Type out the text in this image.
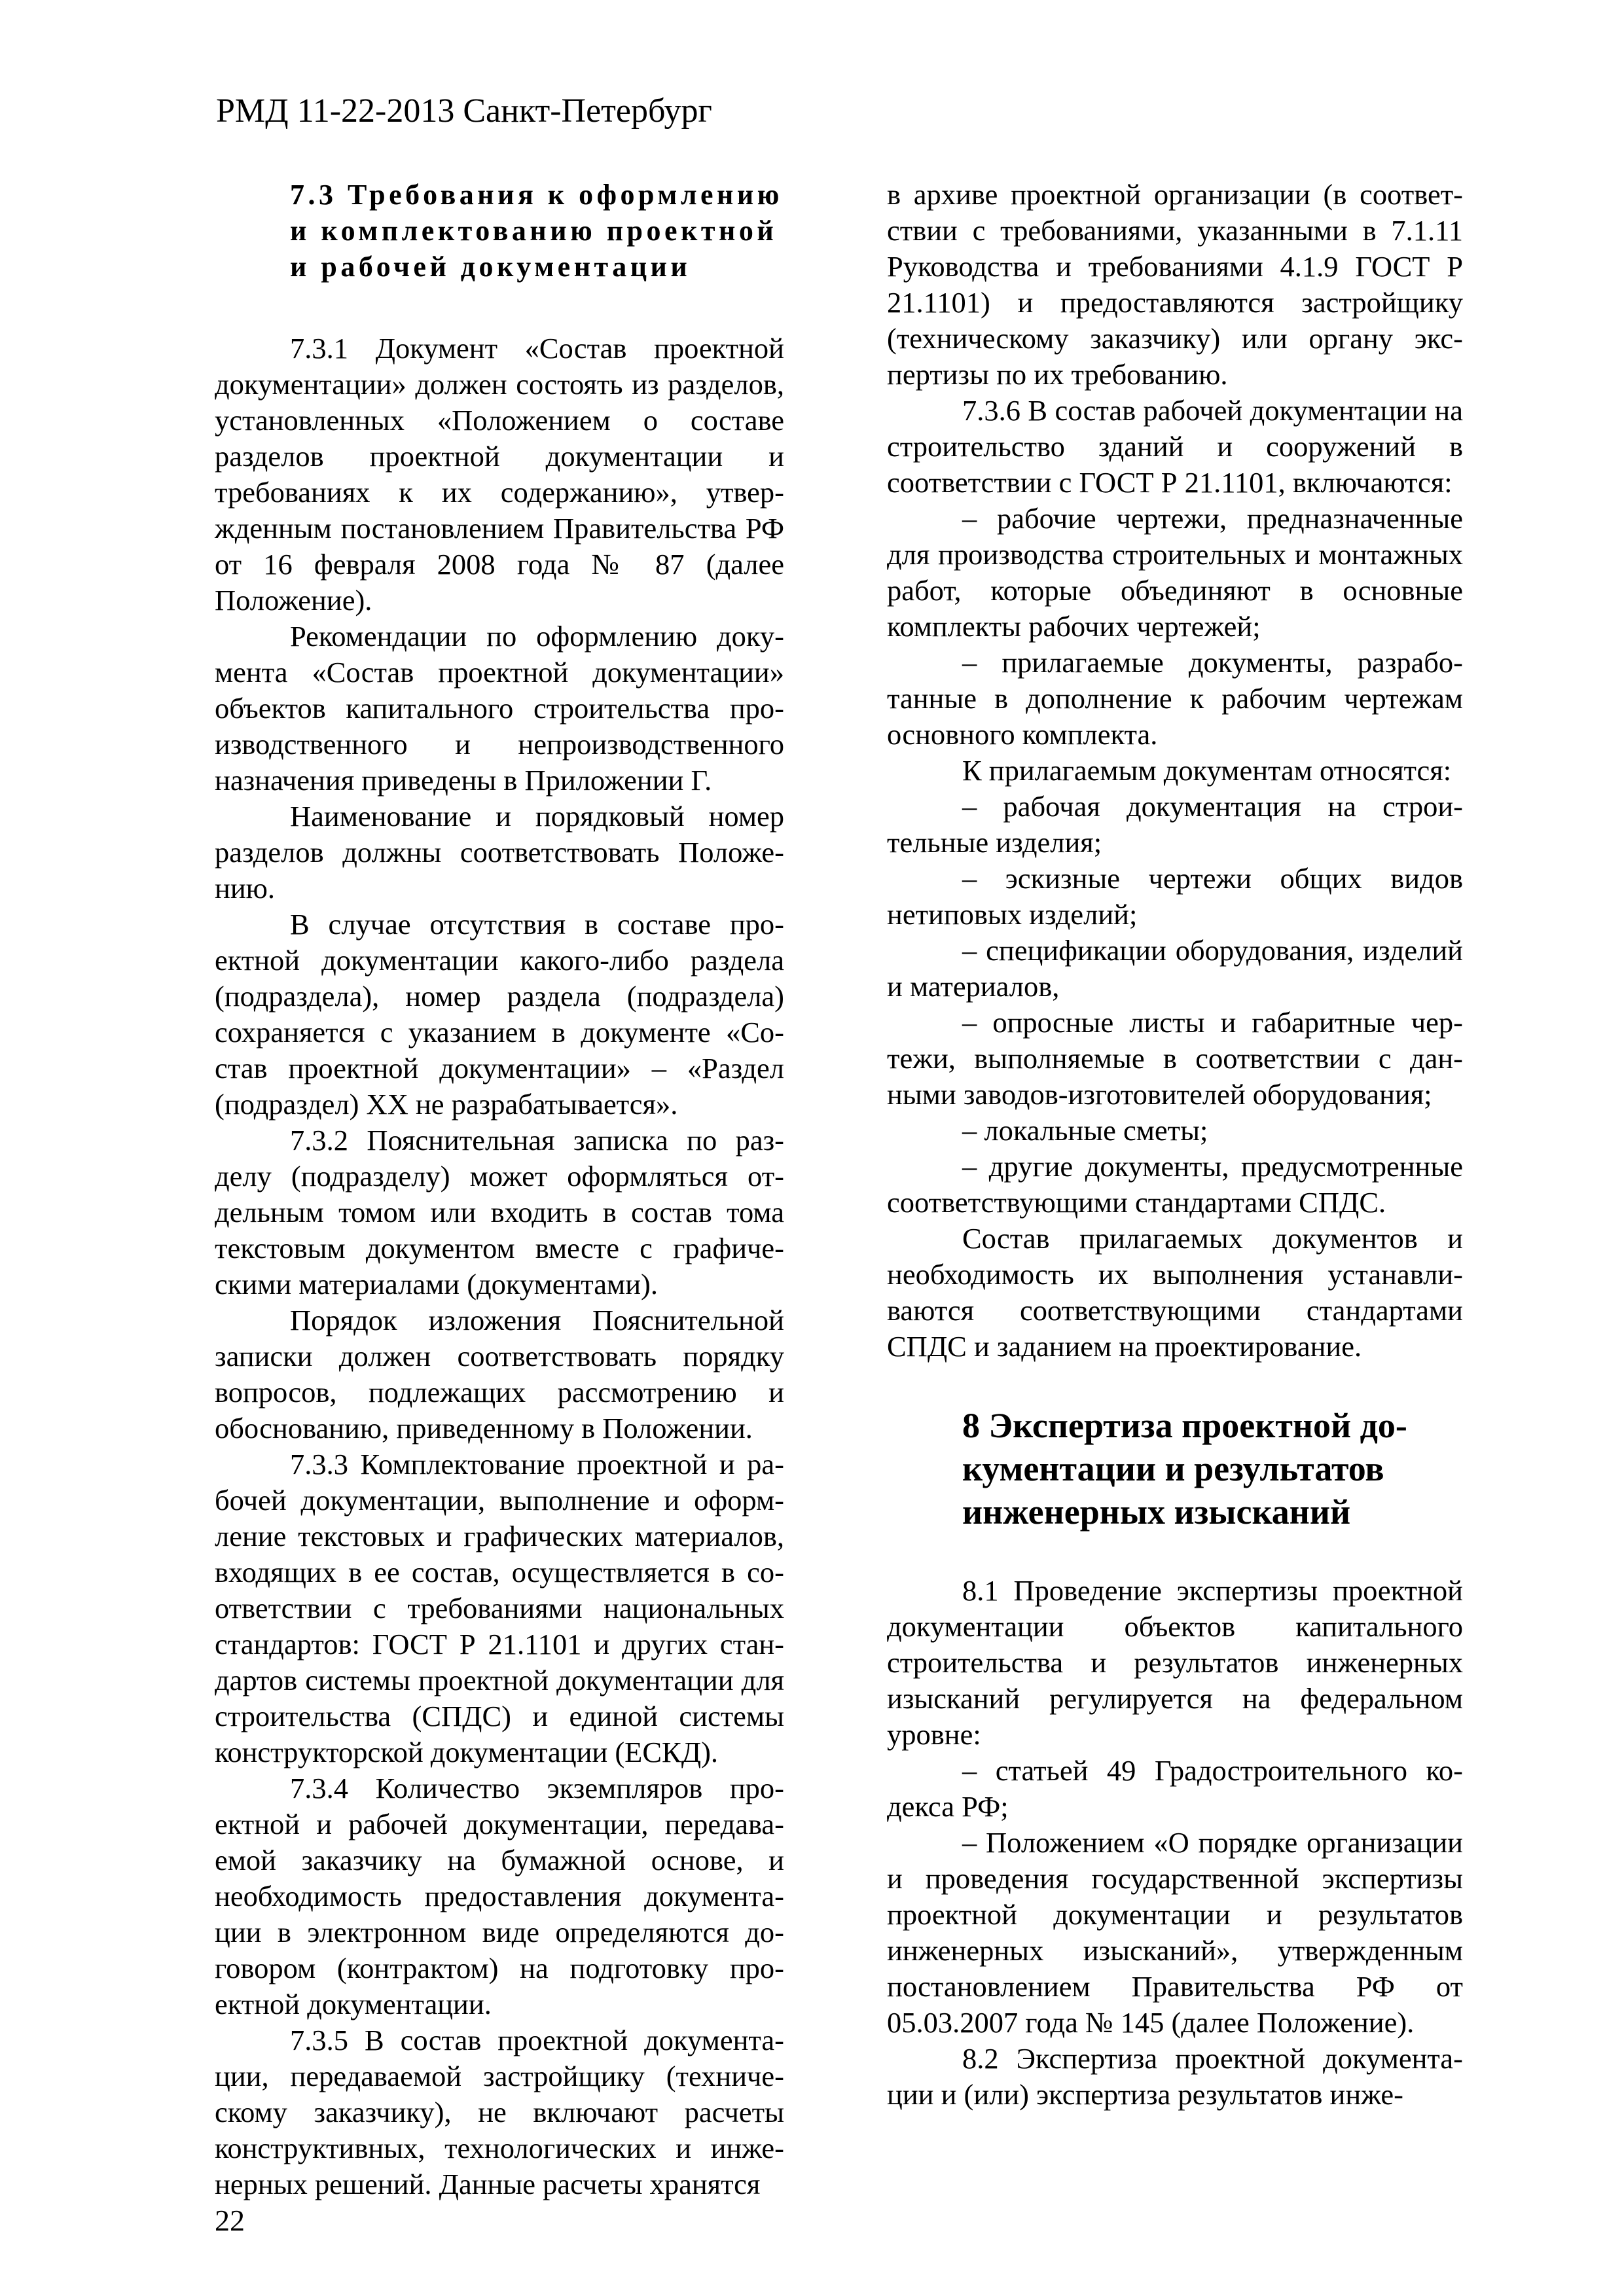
РМД 11-22-2013 Санкт-Петербург
7.3 Требования к оформлению и комплектованию проектной и рабочей документации

7.3.1 Документ «Состав проектной документации» должен состоять из разделов, установленных «Положением о составе разделов проектной документации и требованиях к их содержанию», утвержденным постановлением Правительства РФ от 16 февраля 2008 года № 87 (далее Положение).

Рекомендации по оформлению документа «Состав проектной документации» объектов капитального строительства производственного и непроизводственного назначения приведены в Приложении Г.

Наименование и порядковый номер разделов должны соответствовать Положению.

В случае отсутствия в составе проектной документации какого-либо раздела (подраздела), номер раздела (подраздела) сохраняется с указанием в документе «Состав проектной документации» – «Раздел (подраздел) XX не разрабатывается».

7.3.2 Пояснительная записка по разделу (подразделу) может оформляться отдельным томом или входить в состав тома текстовым документом вместе с графическими материалами (документами).

Порядок изложения Пояснительной записки должен соответствовать порядку вопросов, подлежащих рассмотрению и обоснованию, приведенному в Положении.

7.3.3 Комплектование проектной и рабочей документации, выполнение и оформление текстовых и графических материалов, входящих в ее состав, осуществляется в соответствии с требованиями национальных стандартов: ГОСТ Р 21.1101 и других стандартов системы проектной документации для строительства (СПДС) и единой системы конструкторской документации (ЕСКД).

7.3.4 Количество экземпляров проектной и рабочей документации, передаваемой заказчику на бумажной основе, и необходимость предоставления документации в электронном виде определяются договором (контрактом) на подготовку проектной документации.

7.3.5 В состав проектной документации, передаваемой застройщику (техническому заказчику), не включают расчеты конструктивных, технологических и инженерных решений. Данные расчеты хранятся

в архиве проектной организации (в соответствии с требованиями, указанными в 7.1.11 Руководства и требованиями 4.1.9 ГОСТ Р 21.1101) и предоставляются застройщику (техническому заказчику) или органу экспертизы по их требованию.

7.3.6 В состав рабочей документации на строительство зданий и сооружений в соответствии с ГОСТ Р 21.1101, включаются:

– рабочие чертежи, предназначенные для производства строительных и монтажных работ, которые объединяют в основные комплекты рабочих чертежей;

– прилагаемые документы, разработанные в дополнение к рабочим чертежам основного комплекта.

К прилагаемым документам относятся:

– рабочая документация на строительные изделия;

– эскизные чертежи общих видов нетиповых изделий;

– спецификации оборудования, изделий и материалов,

– опросные листы и габаритные чертежи, выполняемые в соответствии с данными заводов-изготовителей оборудования;

– локальные сметы;

– другие документы, предусмотренные соответствующими стандартами СПДС.

Состав прилагаемых документов и необходимость их выполнения устанавливаются соответствующими стандартами СПДС и заданием на проектирование.

8 Экспертиза проектной документации и результатов инженерных изысканий

8.1 Проведение экспертизы проектной документации объектов капитального строительства и результатов инженерных изысканий регулируется на федеральном уровне:

– статьей 49 Градостроительного кодекса РФ;

– Положением «О порядке организации и проведения государственной экспертизы проектной документации и результатов инженерных изысканий», утвержденным постановлением Правительства РФ от 05.03.2007 года № 145 (далее Положение).

8.2 Экспертиза проектной документации и (или) экспертиза результатов инже-

22
